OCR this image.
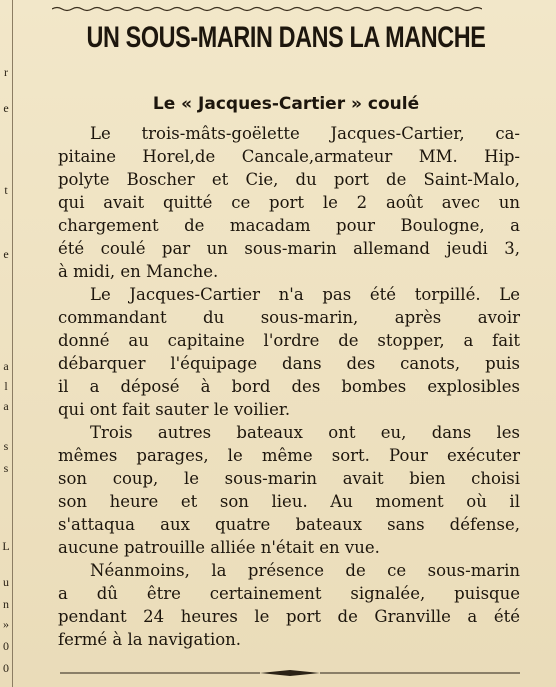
r
e
t
e
a
l
a
s
s
L
u
n
»
0
0
UN SOUS-MARIN DANS LA MANCHE
Le « Jacques-Cartier » coulé
Le trois-mâts-goëlette Jacques-Cartier, ca-
pitaine Horel,de Cancale,armateur MM. Hip-
polyte Boscher et Cie, du port de Saint-Malo,
qui avait quitté ce port le 2 août avec un
chargement de macadam pour Boulogne, a
été coulé par un sous-marin allemand jeudi 3,
à midi, en Manche.
Le Jacques-Cartier n'a pas été torpillé. Le
commandant du sous-marin, après avoir
donné au capitaine l'ordre de stopper, a fait
débarquer l'équipage dans des canots, puis
il a déposé à bord des bombes explosibles
qui ont fait sauter le voilier.
Trois autres bateaux ont eu, dans les
mêmes parages, le même sort. Pour exécuter
son coup, le sous-marin avait bien choisi
son heure et son lieu. Au moment où il
s'attaqua aux quatre bateaux sans défense,
aucune patrouille alliée n'était en vue.
Néanmoins, la présence de ce sous-marin
a dû être certainement signalée, puisque
pendant 24 heures le port de Granville a été
fermé à la navigation.
